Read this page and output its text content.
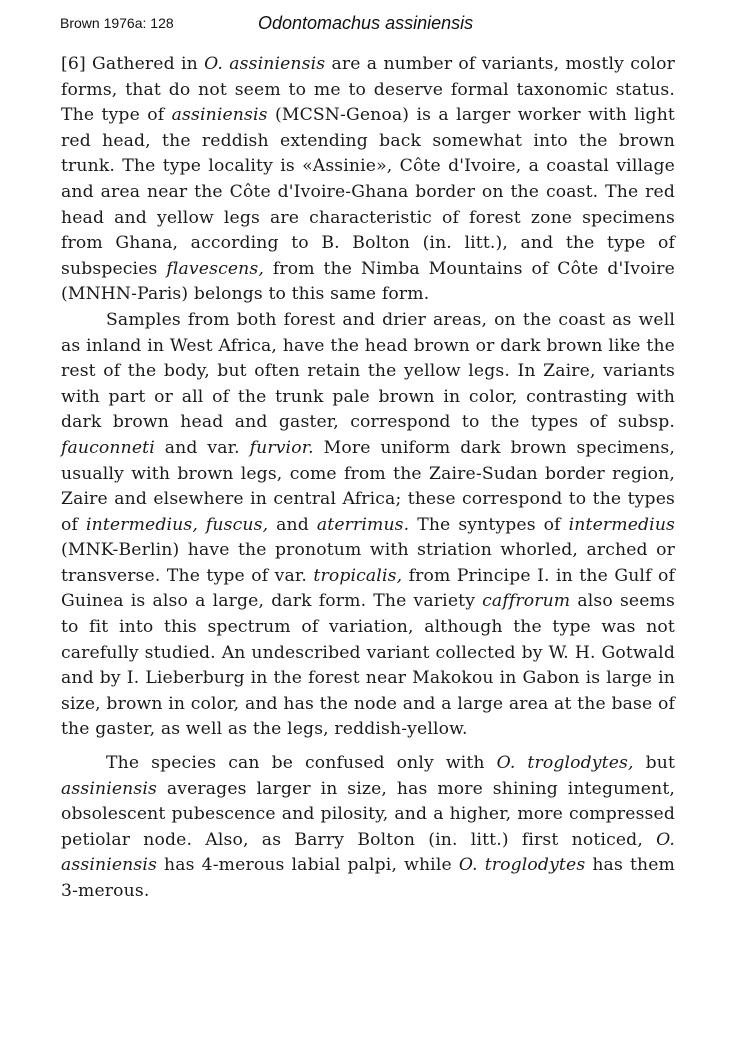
Brown 1976a: 128	Odontomachus assiniensis

[6] Gathered in O. assiniensis are a number of variants, mostly color forms, that do not seem to me to deserve formal taxonomic status. The type of assiniensis (MCSN-Genoa) is a larger worker with light red head, the reddish extending back somewhat into the brown trunk. The type locality is «Assinie», Côte d'Ivoire, a coastal village and area near the Côte d'Ivoire-Ghana border on the coast. The red head and yellow legs are characteristic of forest zone specimens from Ghana, according to B. Bolton (in. litt.), and the type of subspecies flavescens, from the Nimba Mountains of Côte d'Ivoire (MNHN-Paris) belongs to this same form.

Samples from both forest and drier areas, on the coast as well as inland in West Africa, have the head brown or dark brown like the rest of the body, but often retain the yellow legs. In Zaire, variants with part or all of the trunk pale brown in color, contrasting with dark brown head and gaster, correspond to the types of subsp. fauconneti and var. furvior. More uniform dark brown specimens, usually with brown legs, come from the Zaire-Sudan border region, Zaire and elsewhere in central Africa; these correspond to the types of intermedius, fuscus, and aterrimus. The syntypes of intermedius (MNK-Berlin) have the pronotum with striation whorled, arched or transverse. The type of var. tropicalis, from Principe I. in the Gulf of Guinea is also a large, dark form. The variety caffrorum also seems to fit into this spectrum of variation, although the type was not carefully studied. An undescribed variant collected by W. H. Gotwald and by I. Lieberburg in the forest near Makokou in Gabon is large in size, brown in color, and has the node and a large area at the base of the gaster, as well as the legs, reddish-yellow.

The species can be confused only with O. troglodytes, but assiniensis averages larger in size, has more shining integument, obsolescent pubescence and pilosity, and a higher, more compressed petiolar node. Also, as Barry Bolton (in. litt.) first noticed, O. assiniensis has 4-merous labial palpi, while O. troglodytes has them 3-merous.
